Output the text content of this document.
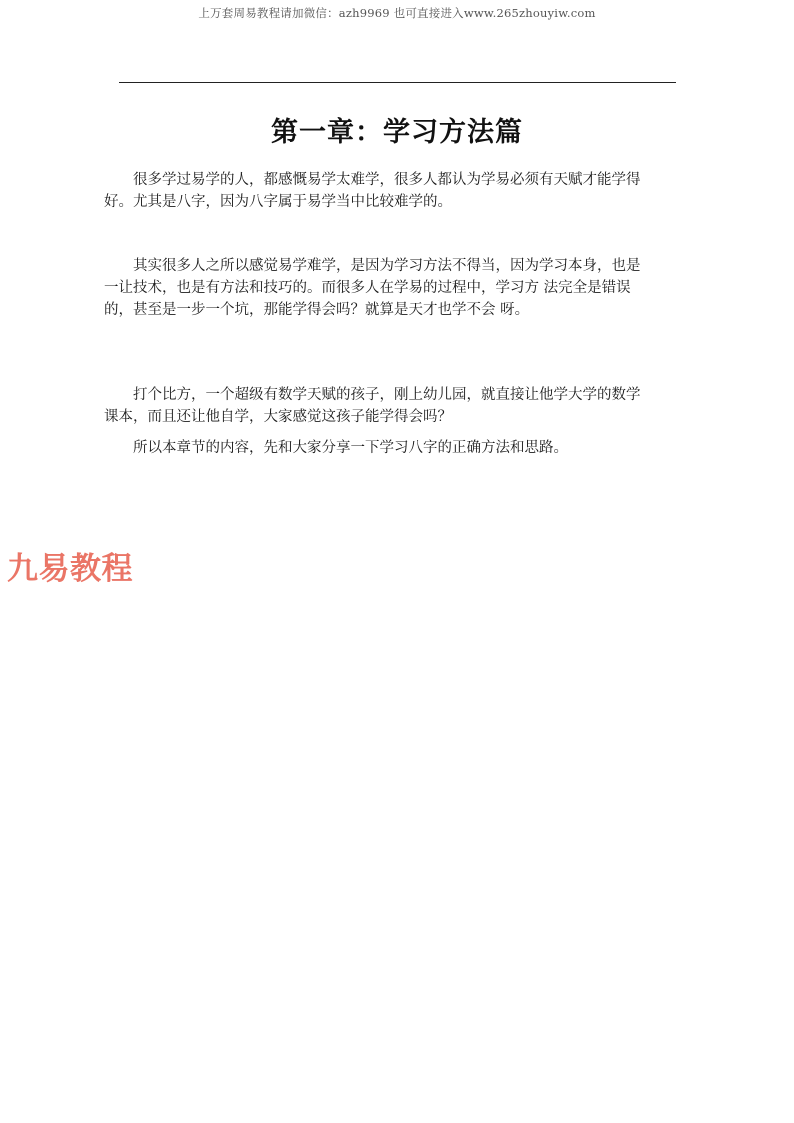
上万套周易教程请加微信：azh9969 也可直接进入www.265zhouyiw.com
第一章：学习方法篇

很多学过易学的人，都感慨易学太难学，很多人都认为学易必须有天赋才能学得好。尤其是八字，因为八字属于易学当中比较难学的。

其实很多人之所以感觉易学难学，是因为学习方法不得当，因为学习本身，也是一让技术，也是有方法和技巧的。而很多人在学易的过程中，学习方 法完全是错误的，甚至是一步一个坑，那能学得会吗？就算是天才也学不会 呀。

打个比方，一个超级有数学天赋的孩子，刚上幼儿园，就直接让他学大学的数学课本，而且还让他自学，大家感觉这孩子能学得会吗？

所以本章节的内容，先和大家分享一下学习八字的正确方法和思路。

九易教程
